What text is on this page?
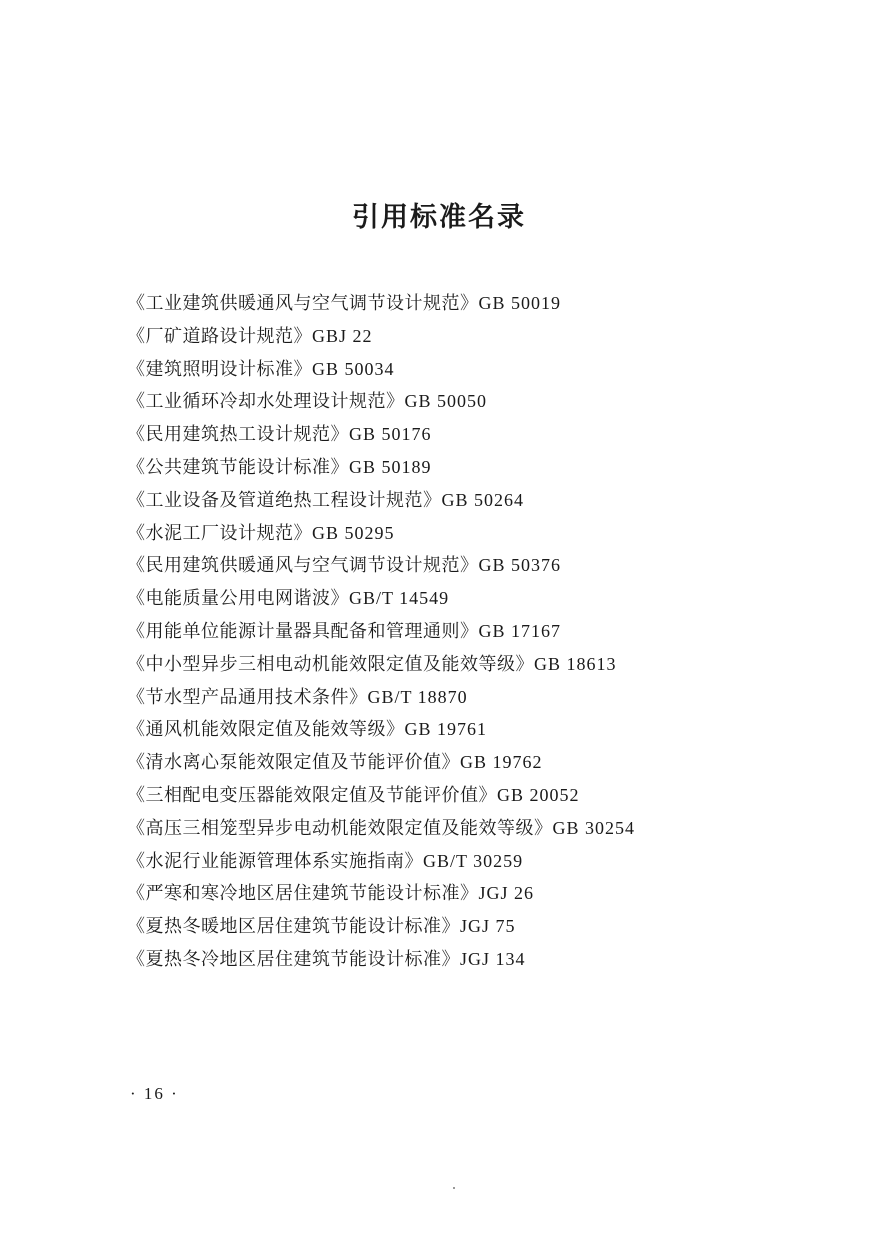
引用标准名录
《工业建筑供暖通风与空气调节设计规范》GB 50019
《厂矿道路设计规范》GBJ 22
《建筑照明设计标准》GB 50034
《工业循环冷却水处理设计规范》GB 50050
《民用建筑热工设计规范》GB 50176
《公共建筑节能设计标准》GB 50189
《工业设备及管道绝热工程设计规范》GB 50264
《水泥工厂设计规范》GB 50295
《民用建筑供暖通风与空气调节设计规范》GB 50376
《电能质量公用电网谐波》GB/T 14549
《用能单位能源计量器具配备和管理通则》GB 17167
《中小型异步三相电动机能效限定值及能效等级》GB 18613
《节水型产品通用技术条件》GB/T 18870
《通风机能效限定值及能效等级》GB 19761
《清水离心泵能效限定值及节能评价值》GB 19762
《三相配电变压器能效限定值及节能评价值》GB 20052
《高压三相笼型异步电动机能效限定值及能效等级》GB 30254
《水泥行业能源管理体系实施指南》GB/T 30259
《严寒和寒冷地区居住建筑节能设计标准》JGJ 26
《夏热冬暖地区居住建筑节能设计标准》JGJ 75
《夏热冬冷地区居住建筑节能设计标准》JGJ 134
· 16 ·
